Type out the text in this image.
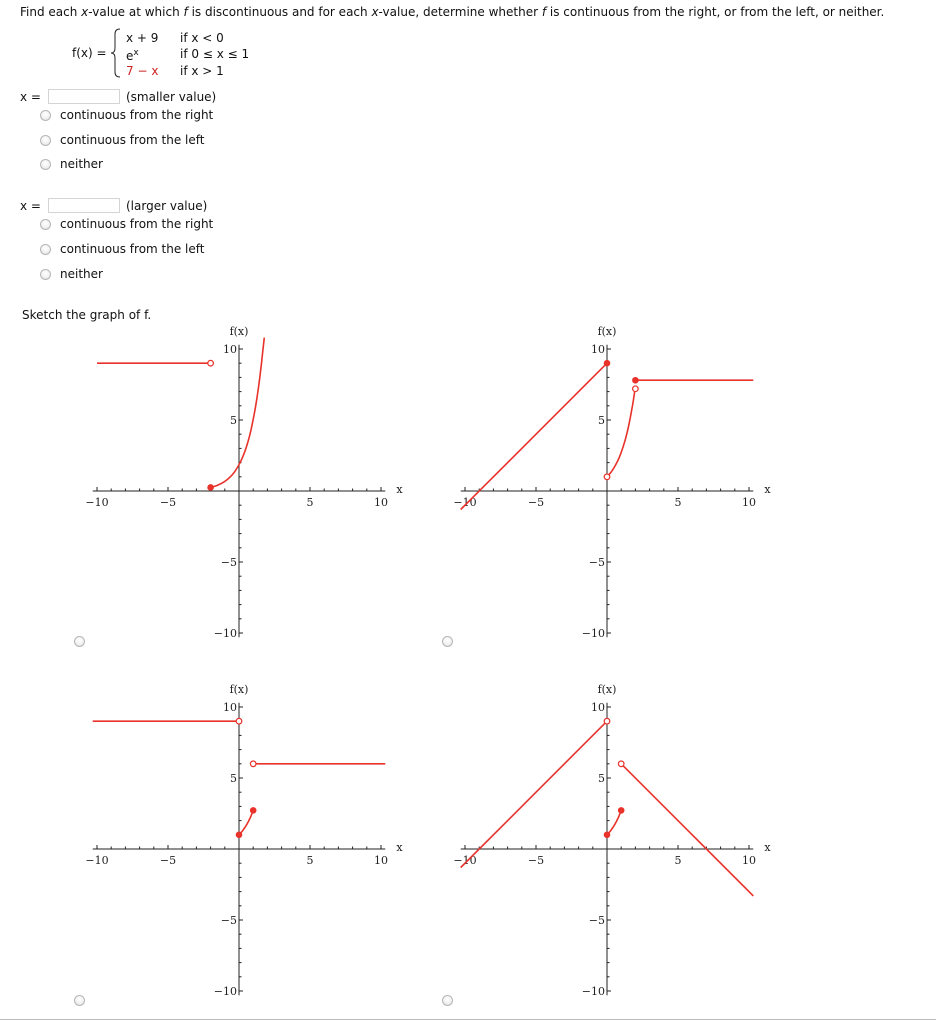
Find each x-value at which f is discontinuous and for each x-value, determine whether f is continuous from the right, or from the left, or neither.
f(x) =
x + 9 if x < 0
$e^x$	if 0 ≤ x ≤ 1
7 − x if x > 1
x =	(smaller value)
continuous from the right
continuous from the left
neither
x =	(larger value)
continuous from the right
continuous from the left
neither
Sketch the graph of f.
−10	−5	5	10
10
5
−5
−10
f(x)
x
−10	−5	5	10
10
5
−5
−10
f(x)
x
−10	−5	5	10
10
5
−5
−10
f(x)
x
−10	−5	5	10
10
5
−5
−10
f(x)
x
